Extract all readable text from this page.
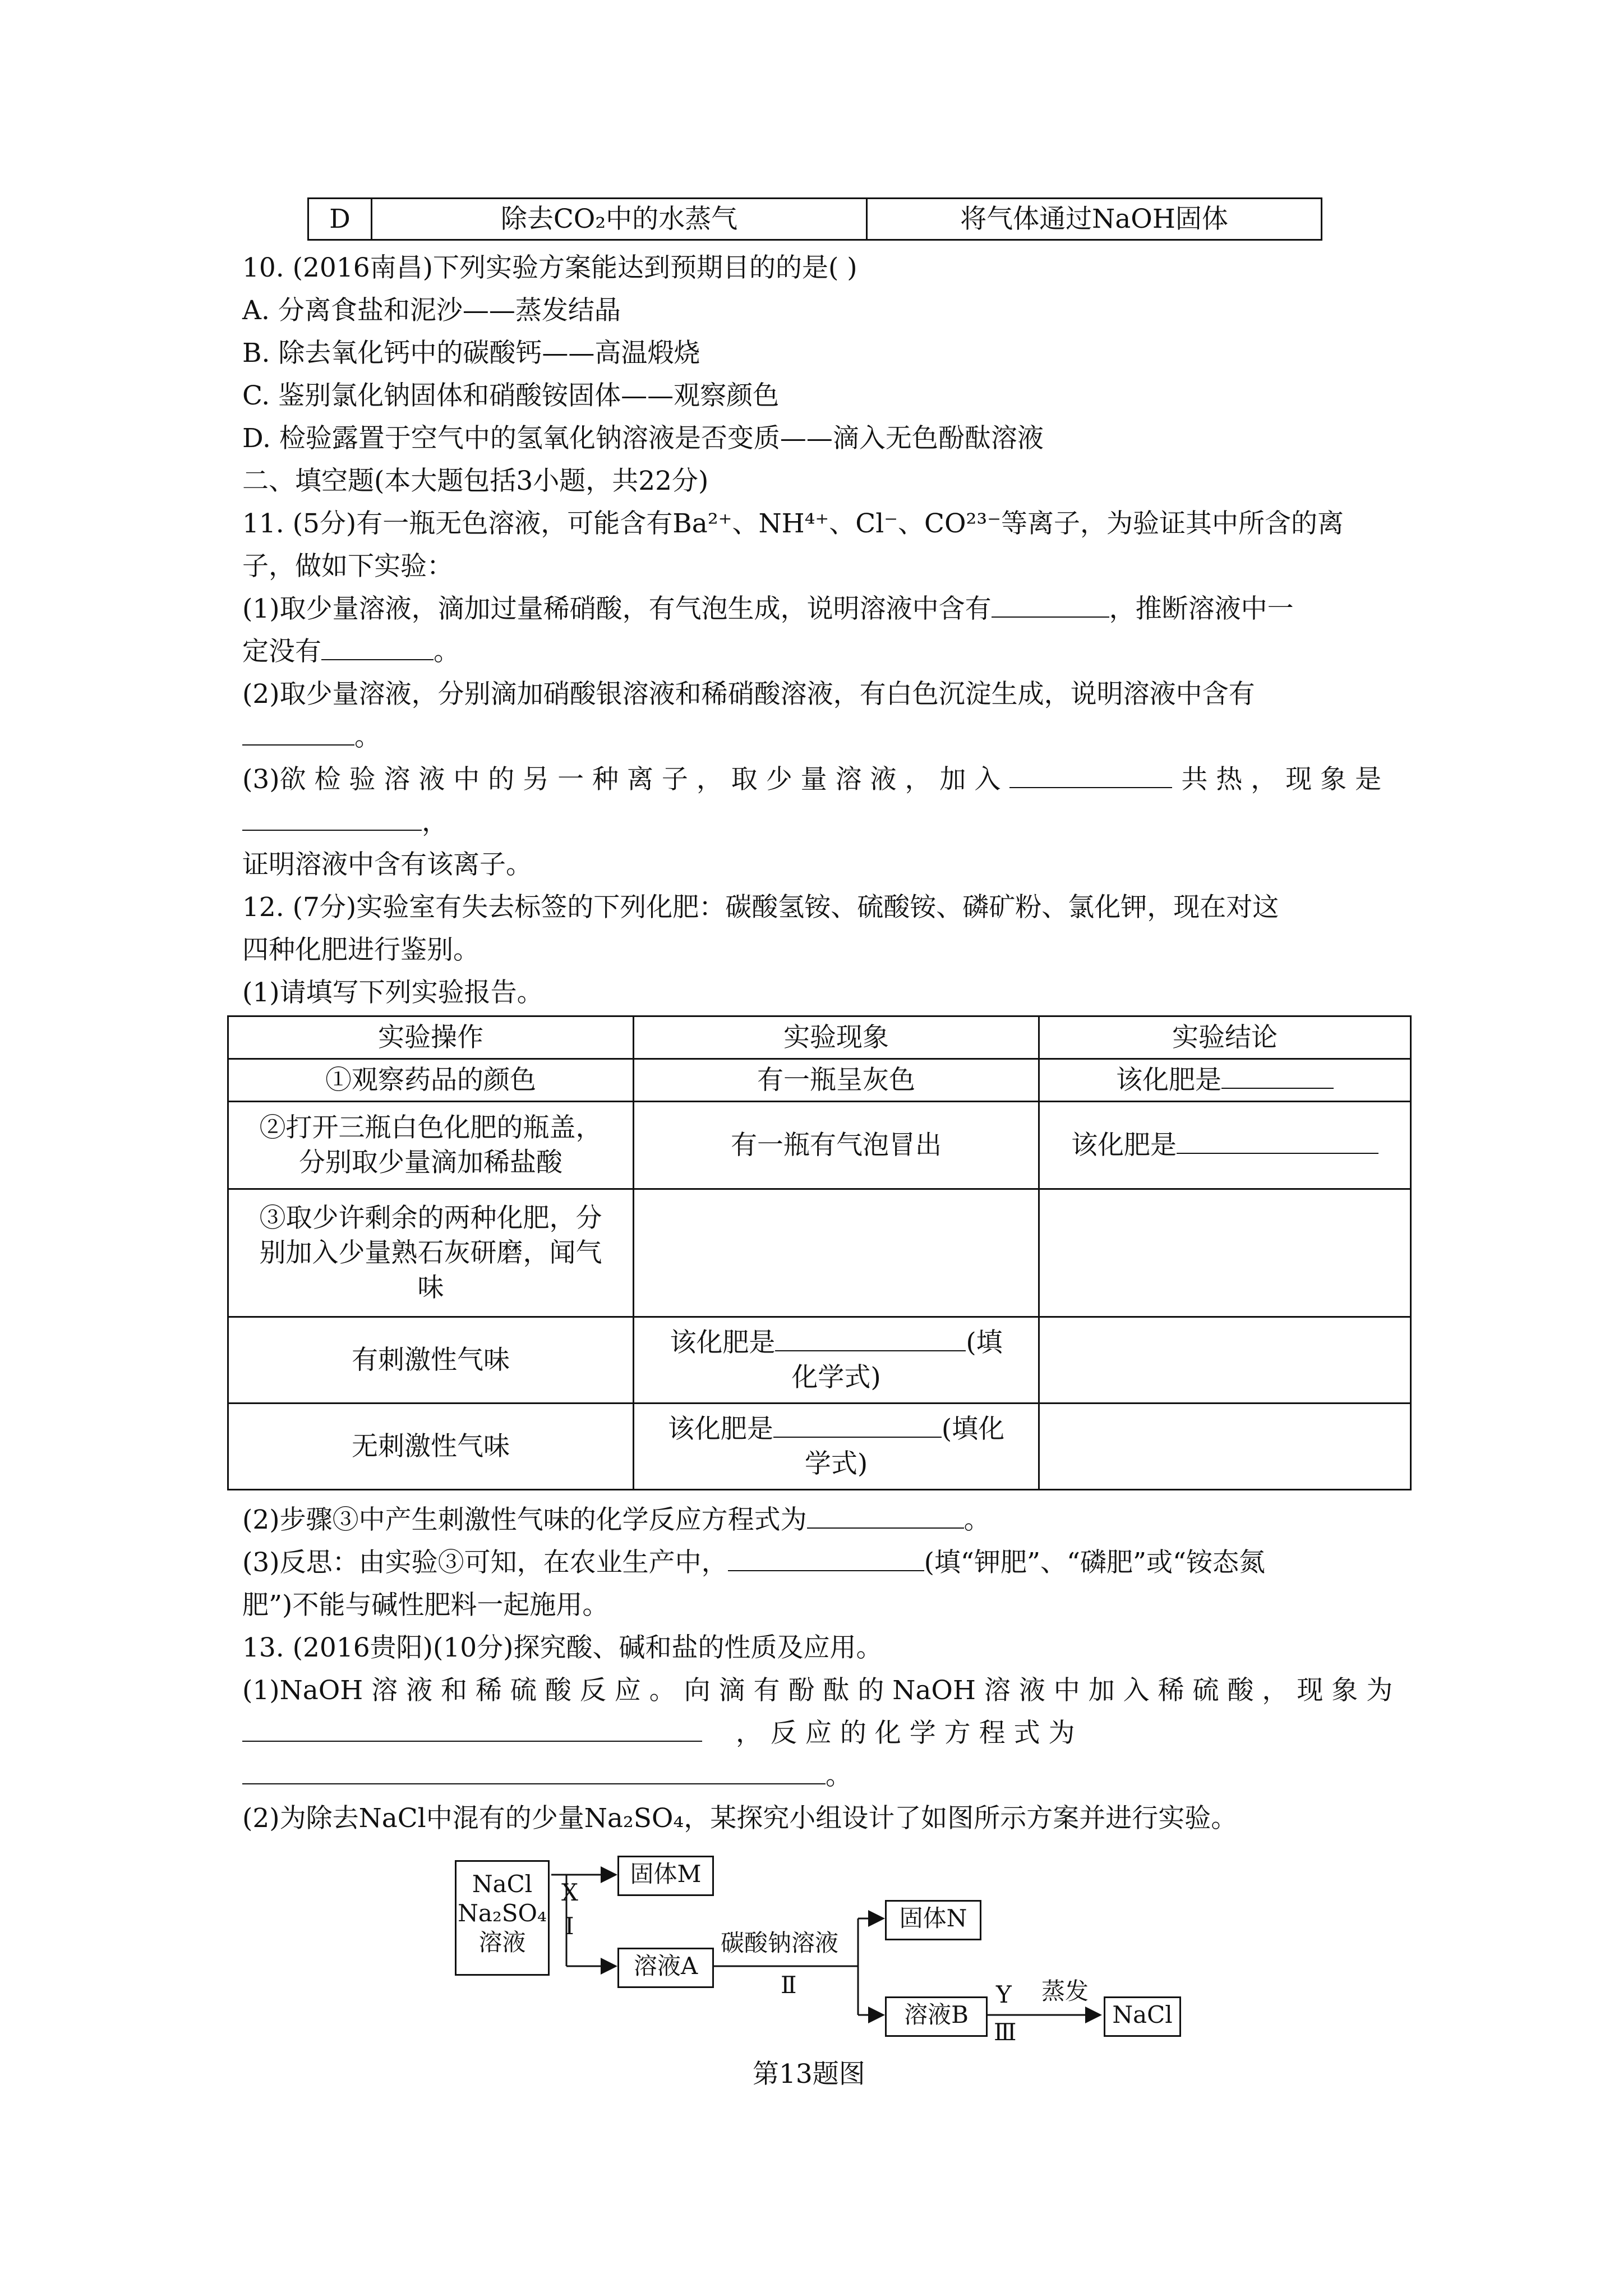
D	除去CO₂中的水蒸气	将气体通过NaOH固体
10. (2016南昌)下列实验方案能达到预期目的的是( )
A. 分离食盐和泥沙——蒸发结晶
B. 除去氧化钙中的碳酸钙——高温煅烧
C. 鉴别氯化钠固体和硝酸铵固体——观察颜色
D. 检验露置于空气中的氢氧化钠溶液是否变质——滴入无色酚酞溶液
二、填空题(本大题包括3小题，共22分)
11. (5分)有一瓶无色溶液，可能含有Ba²⁺、NH⁴⁺、Cl⁻、CO²³⁻等离子，为验证其中所含的离
子，做如下实验：
(1)取少量溶液，滴加过量稀硝酸，有气泡生成，说明溶液中含有	，推断溶液中一
定没有	。
(2)取少量溶液，分别滴加硝酸银溶液和稀硝酸溶液，有白色沉淀生成，说明溶液中含有
。
(3)欲 检 验 溶 液 中 的 另 一 种 离 子 ， 取 少 量 溶 液 ， 加 入	共 热 ， 现 象 是
，
证明溶液中含有该离子。
12. (7分)实验室有失去标签的下列化肥：碳酸氢铵、硫酸铵、磷矿粉、氯化钾，现在对这
四种化肥进行鉴别。
(1)请填写下列实验报告。
实验操作	实验现象	实验结论
①观察药品的颜色	有一瓶呈灰色	该化肥是

②打开三瓶白色化肥的瓶盖，
分别取少量滴加稀盐酸	有一瓶有气泡冒出	该化肥是

③取少许剩余的两种化肥，分
别加入少量熟石灰研磨，闻气
味		

有刺激性气味	该化肥是 (填
化学式)	

无刺激性气味	该化肥是 (填化
学式)	

(2)步骤③中产生刺激性气味的化学反应方程式为	。
(3)反思：由实验③可知，在农业生产中，	(填“钾肥”、“磷肥”或“铵态氮
肥”)不能与碱性肥料一起施用。
13. (2016贵阳)(10分)探究酸、碱和盐的性质及应用。
(1)NaOH 溶 液 和 稀 硫 酸 反 应 。 向 滴 有 酚 酞 的 NaOH 溶 液 中 加 入 稀 硫 酸 ， 现 象 为
， 反 应 的 化 学 方 程 式 为
。
(2)为除去NaCl中混有的少量Na₂SO₄，某探究小组设计了如图所示方案并进行实验。
NaCl
Na₂SO₄
溶液
X
Ⅰ
固体M
溶液A
碳酸钠溶液
Ⅱ
固体N
溶液B
Y
Ⅲ
蒸发
NaCl
第13题图
